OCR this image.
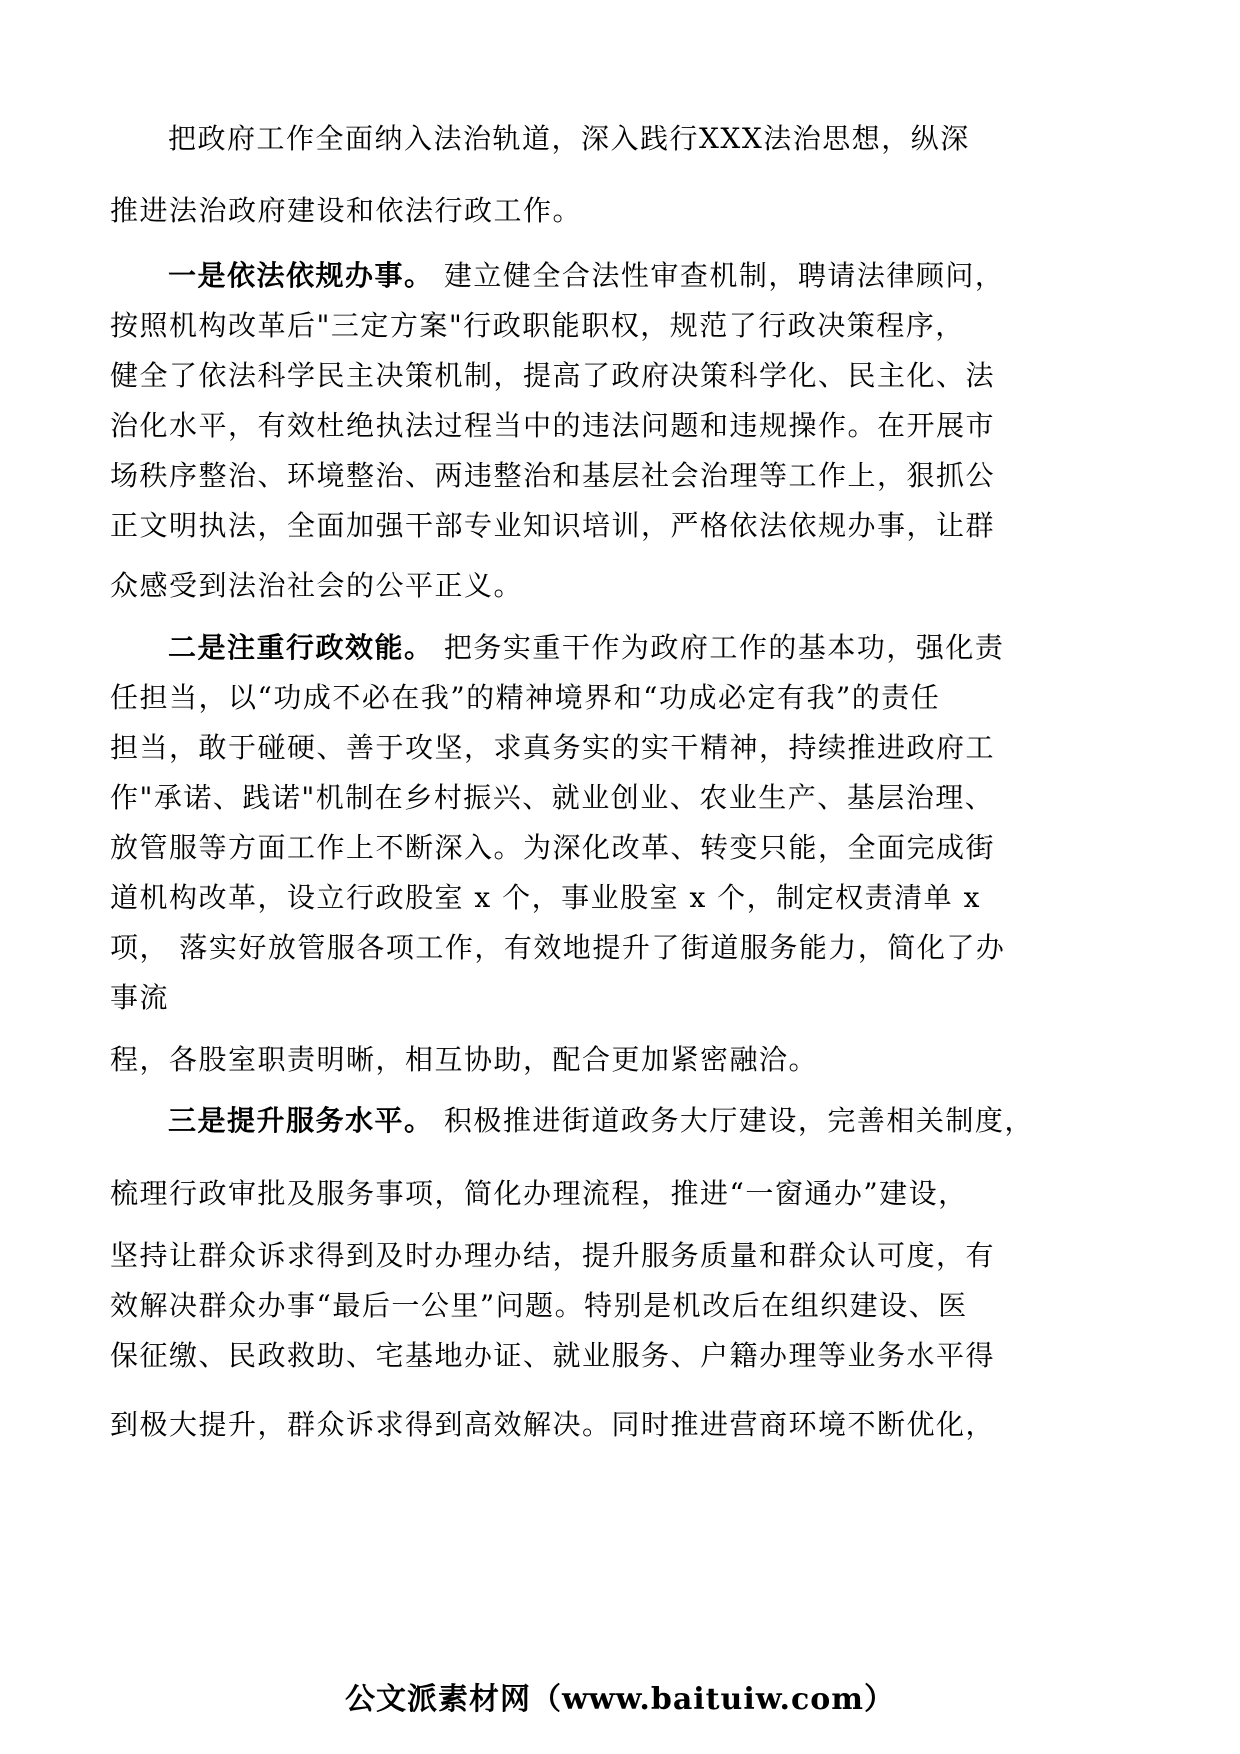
把政府工作全面纳入法治轨道，深入践行XXX法治思想，纵深
推进法治政府建设和依法行政工作。
一是依法依规办事。 建立健全合法性审查机制，聘请法律顾问，
按照机构改革后"三定方案"行政职能职权，规范了行政决策程序，
健全了依法科学民主决策机制，提高了政府决策科学化、民主化、法
治化水平，有效杜绝执法过程当中的违法问题和违规操作。在开展市
场秩序整治、环境整治、两违整治和基层社会治理等工作上，狠抓公
正文明执法，全面加强干部专业知识培训，严格依法依规办事，让群
众感受到法治社会的公平正义。
二是注重行政效能。 把务实重干作为政府工作的基本功，强化责
任担当，以“功成不必在我”的精神境界和“功成必定有我”的责任
担当，敢于碰硬、善于攻坚，求真务实的实干精神，持续推进政府工
作"承诺、践诺"机制在乡村振兴、就业创业、农业生产、基层治理、
放管服等方面工作上不断深入。为深化改革、转变只能，全面完成街
道机构改革，设立行政股室 x 个，事业股室 x 个，制定权责清单 x
项， 落实好放管服各项工作，有效地提升了街道服务能力，简化了办
事流
程，各股室职责明晰，相互协助，配合更加紧密融洽。
三是提升服务水平。 积极推进街道政务大厅建设，完善相关制度，
梳理行政审批及服务事项，简化办理流程，推进“一窗通办”建设，
坚持让群众诉求得到及时办理办结，提升服务质量和群众认可度，有
效解决群众办事“最后一公里”问题。特别是机改后在组织建设、医
保征缴、民政救助、宅基地办证、就业服务、户籍办理等业务水平得
到极大提升，群众诉求得到高效解决。同时推进营商环境不断优化，
公文派素材网（www.baituiw.com）
